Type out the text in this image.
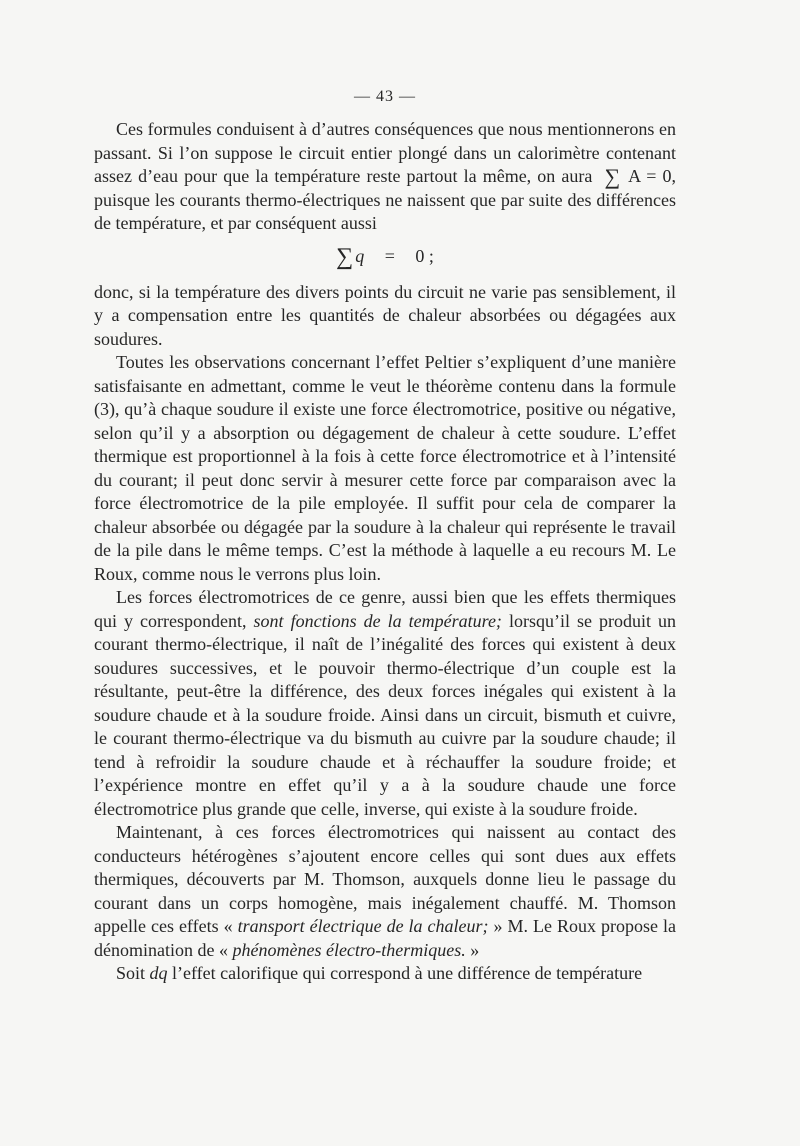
— 43 —

Ces formules conduisent à d’autres conséquences que nous mentionnerons en passant. Si l’on suppose le circuit entier plongé dans un calorimètre contenant assez d’eau pour que la température reste partout la même, on aura ∑ A = 0, puisque les courants thermo-électriques ne naissent que par suite des différences de température, et par conséquent aussi

∑ q = 0 ;

donc, si la température des divers points du circuit ne varie pas sensiblement, il y a compensation entre les quantités de chaleur absorbées ou dégagées aux soudures.

Toutes les observations concernant l’effet Peltier s’expliquent d’une manière satisfaisante en admettant, comme le veut le théorème contenu dans la formule (3), qu’à chaque soudure il existe une force électromotrice, positive ou négative, selon qu’il y a absorption ou dégagement de chaleur à cette soudure. L’effet thermique est proportionnel à la fois à cette force électromotrice et à l’intensité du courant; il peut donc servir à mesurer cette force par comparaison avec la force électromotrice de la pile employée. Il suffit pour cela de comparer la chaleur absorbée ou dégagée par la soudure à la chaleur qui représente le travail de la pile dans le même temps. C’est la méthode à laquelle a eu recours M. Le Roux, comme nous le verrons plus loin.

Les forces électromotrices de ce genre, aussi bien que les effets thermiques qui y correspondent, sont fonctions de la température; lorsqu’il se produit un courant thermo-électrique, il naît de l’inégalité des forces qui existent à deux soudures successives, et le pouvoir thermo-électrique d’un couple est la résultante, peut-être la différence, des deux forces inégales qui existent à la soudure chaude et à la soudure froide. Ainsi dans un circuit, bismuth et cuivre, le courant thermo-électrique va du bismuth au cuivre par la soudure chaude; il tend à refroidir la soudure chaude et à réchauffer la soudure froide; et l’expérience montre en effet qu’il y a à la soudure chaude une force électromotrice plus grande que celle, inverse, qui existe à la soudure froide.

Maintenant, à ces forces électromotrices qui naissent au contact des conducteurs hétérogènes s’ajoutent encore celles qui sont dues aux effets thermiques, découverts par M. Thomson, auxquels donne lieu le passage du courant dans un corps homogène, mais inégalement chauffé. M. Thomson appelle ces effets « transport électrique de la chaleur; » M. Le Roux propose la dénomination de « phénomènes électro-thermiques. »

Soit dq l’effet calorifique qui correspond à une différence de température
